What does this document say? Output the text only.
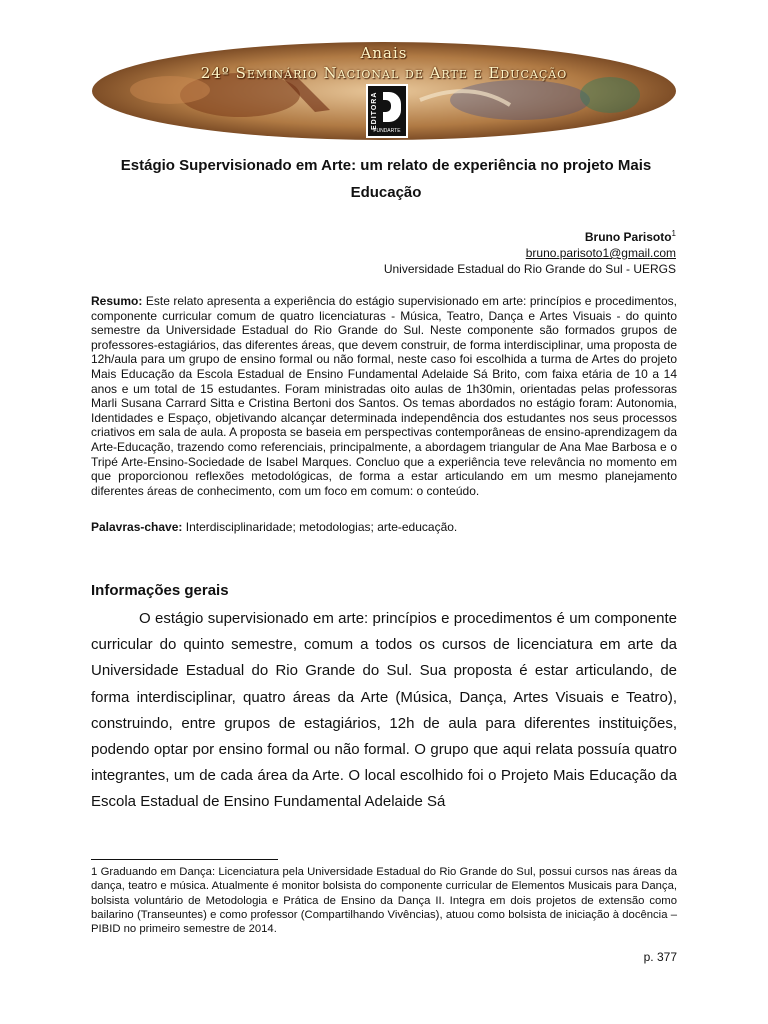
Anais
24º Seminário Nacional de Arte e Educação
EDITORA
FUNDARTE
Estágio Supervisionado em Arte: um relato de experiência no projeto Mais Educação
Bruno Parisoto$^1$
bruno.parisoto1@gmail.com
Universidade Estadual do Rio Grande do Sul - UERGS
Resumo: Este relato apresenta a experiência do estágio supervisionado em arte: princípios e procedimentos, componente curricular comum de quatro licenciaturas - Música, Teatro, Dança e Artes Visuais - do quinto semestre da Universidade Estadual do Rio Grande do Sul. Neste componente são formados grupos de professores-estagiários, das diferentes áreas, que devem construir, de forma interdisciplinar, uma proposta de 12h/aula para um grupo de ensino formal ou não formal, neste caso foi escolhida a turma de Artes do projeto Mais Educação da Escola Estadual de Ensino Fundamental Adelaide Sá Brito, com faixa etária de 10 a 14 anos e um total de 15 estudantes. Foram ministradas oito aulas de 1h30min, orientadas pelas professoras Marli Susana Carrard Sitta e Cristina Bertoni dos Santos. Os temas abordados no estágio foram: Autonomia, Identidades e Espaço, objetivando alcançar determinada independência dos estudantes nos seus processos criativos em sala de aula. A proposta se baseia em perspectivas contemporâneas de ensino-aprendizagem da Arte-Educação, trazendo como referenciais, principalmente, a abordagem triangular de Ana Mae Barbosa e o Tripé Arte-Ensino-Sociedade de Isabel Marques. Concluo que a experiência teve relevância no momento em que proporcionou reflexões metodológicas, de forma a estar articulando em um mesmo planejamento diferentes áreas de conhecimento, com um foco em comum: o conteúdo.
Palavras-chave: Interdisciplinaridade; metodologias; arte-educação.
Informações gerais
O estágio supervisionado em arte: princípios e procedimentos é um componente curricular do quinto semestre, comum a todos os cursos de licenciatura em arte da Universidade Estadual do Rio Grande do Sul. Sua proposta é estar articulando, de forma interdisciplinar, quatro áreas da Arte (Música, Dança, Artes Visuais e Teatro), construindo, entre grupos de estagiários, 12h de aula para diferentes instituições, podendo optar por ensino formal ou não formal. O grupo que aqui relata possuía quatro integrantes, um de cada área da Arte. O local escolhido foi o Projeto Mais Educação da Escola Estadual de Ensino Fundamental Adelaide Sá
1 Graduando em Dança: Licenciatura pela Universidade Estadual do Rio Grande do Sul, possui cursos nas áreas da dança, teatro e música. Atualmente é monitor bolsista do componente curricular de Elementos Musicais para Dança, bolsista voluntário de Metodologia e Prática de Ensino da Dança II. Integra em dois projetos de extensão como bailarino (Transeuntes) e como professor (Compartilhando Vivências), atuou como bolsista de iniciação à docência – PIBID no primeiro semestre de 2014.
p. 377
